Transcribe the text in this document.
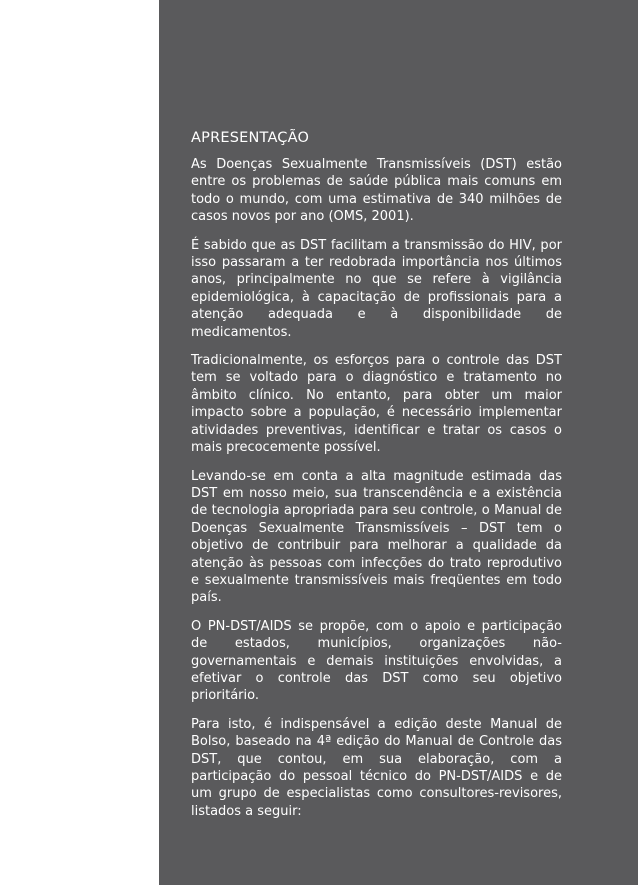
APRESENTAÇÃO

As Doenças Sexualmente Transmissíveis (DST) estão entre os problemas de saúde pública mais comuns em todo o mundo, com uma estimativa de 340 milhões de casos novos por ano (OMS, 2001).

É sabido que as DST facilitam a transmissão do HIV, por isso passaram a ter redobrada importância nos últimos anos, principalmente no que se refere à vigilância epidemiológica, à capacitação de profissionais para a atenção adequada e à disponibilidade de medicamentos.

Tradicionalmente, os esforços para o controle das DST tem se voltado para o diagnóstico e tratamento no âmbito clínico. No entanto, para obter um maior impacto sobre a população, é necessário implementar atividades preventivas, identificar e tratar os casos o mais precocemente possível.

Levando-se em conta a alta magnitude estimada das DST em nosso meio, sua transcendência e a existência de tecnologia apropriada para seu controle, o Manual de Doenças Sexualmente Transmissíveis – DST tem o objetivo de contribuir para melhorar a qualidade da atenção às pessoas com infecções do trato reprodutivo e sexualmente transmissíveis mais freqüentes em todo país.

O PN-DST/AIDS se propõe, com o apoio e participação de estados, municípios, organizações não-governamentais e demais instituições envolvidas, a efetivar o controle das DST como seu objetivo prioritário.

Para isto, é indispensável a edição deste Manual de Bolso, baseado na 4ª edição do Manual de Controle das DST, que contou, em sua elaboração, com a participação do pessoal técnico do PN-DST/AIDS e de um grupo de especialistas como consultores-revisores, listados a seguir:
